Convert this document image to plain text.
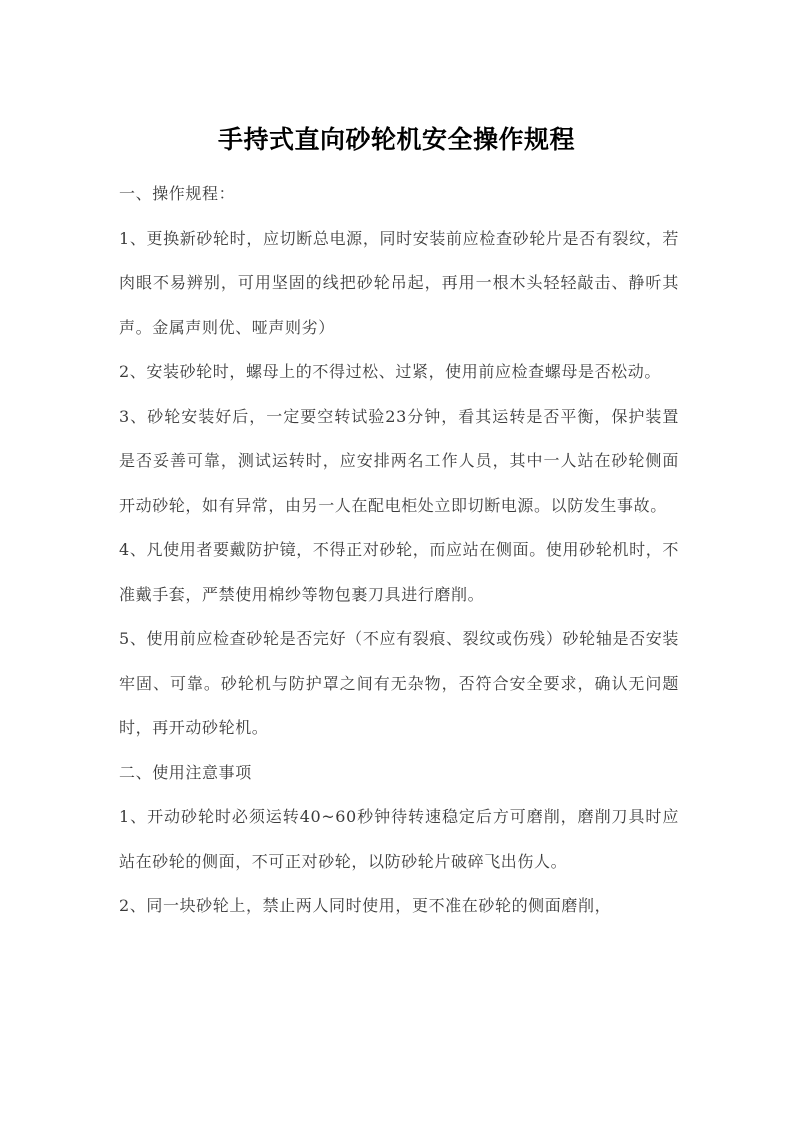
手持式直向砂轮机安全操作规程

一、操作规程：

1、更换新砂轮时，应切断总电源，同时安装前应检查砂轮片是否有裂纹，若肉眼不易辨别，可用坚固的线把砂轮吊起，再用一根木头轻轻敲击、静听其声。金属声则优、哑声则劣）

2、安装砂轮时，螺母上的不得过松、过紧，使用前应检查螺母是否松动。

3、砂轮安装好后，一定要空转试验23分钟，看其运转是否平衡，保护装置是否妥善可靠，测试运转时，应安排两名工作人员，其中一人站在砂轮侧面开动砂轮，如有异常，由另一人在配电柜处立即切断电源。以防发生事故。

4、凡使用者要戴防护镜，不得正对砂轮，而应站在侧面。使用砂轮机时，不准戴手套，严禁使用棉纱等物包裹刀具进行磨削。

5、使用前应检查砂轮是否完好（不应有裂痕、裂纹或伤残）砂轮轴是否安装牢固、可靠。砂轮机与防护罩之间有无杂物，否符合安全要求，确认无问题时，再开动砂轮机。

二、使用注意事项

1、开动砂轮时必须运转40~60秒钟待转速稳定后方可磨削，磨削刀具时应站在砂轮的侧面，不可正对砂轮，以防砂轮片破碎飞出伤人。

2、同一块砂轮上，禁止两人同时使用，更不准在砂轮的侧面磨削，
